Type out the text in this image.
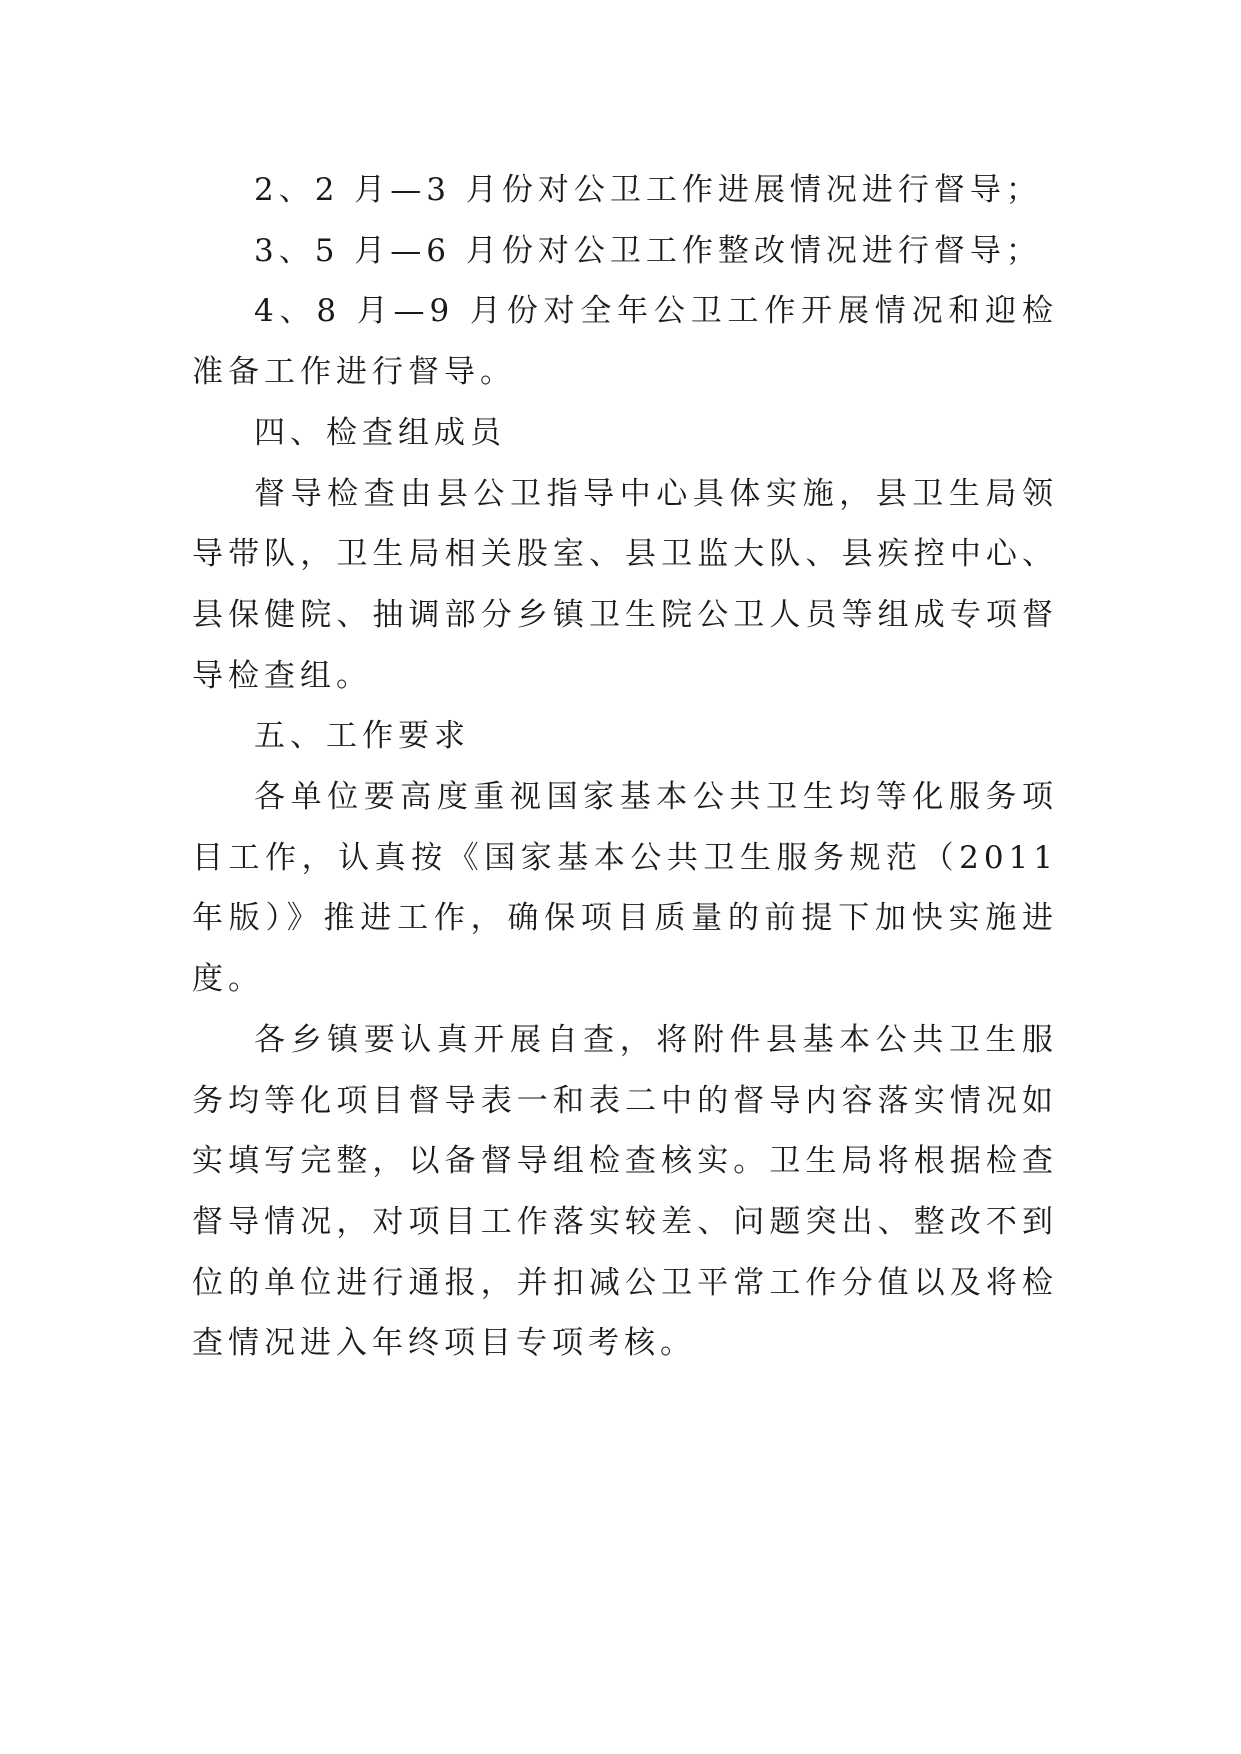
2、2 月—3 月份对公卫工作进展情况进行督导；

3、5 月—6 月份对公卫工作整改情况进行督导；

4、8 月—9 月份对全年公卫工作开展情况和迎检准备工作进行督导。

四、检查组成员

督导检查由县公卫指导中心具体实施，县卫生局领导带队，卫生局相关股室、县卫监大队、县疾控中心、县保健院、抽调部分乡镇卫生院公卫人员等组成专项督导检查组。

五、工作要求

各单位要高度重视国家基本公共卫生均等化服务项目工作，认真按《国家基本公共卫生服务规范（2011 年版）》推进工作，确保项目质量的前提下加快实施进度。

各乡镇要认真开展自查，将附件县基本公共卫生服务均等化项目督导表一和表二中的督导内容落实情况如实填写完整，以备督导组检查核实。卫生局将根据检查督导情况，对项目工作落实较差、问题突出、整改不到位的单位进行通报，并扣减公卫平常工作分值以及将检查情况进入年终项目专项考核。
